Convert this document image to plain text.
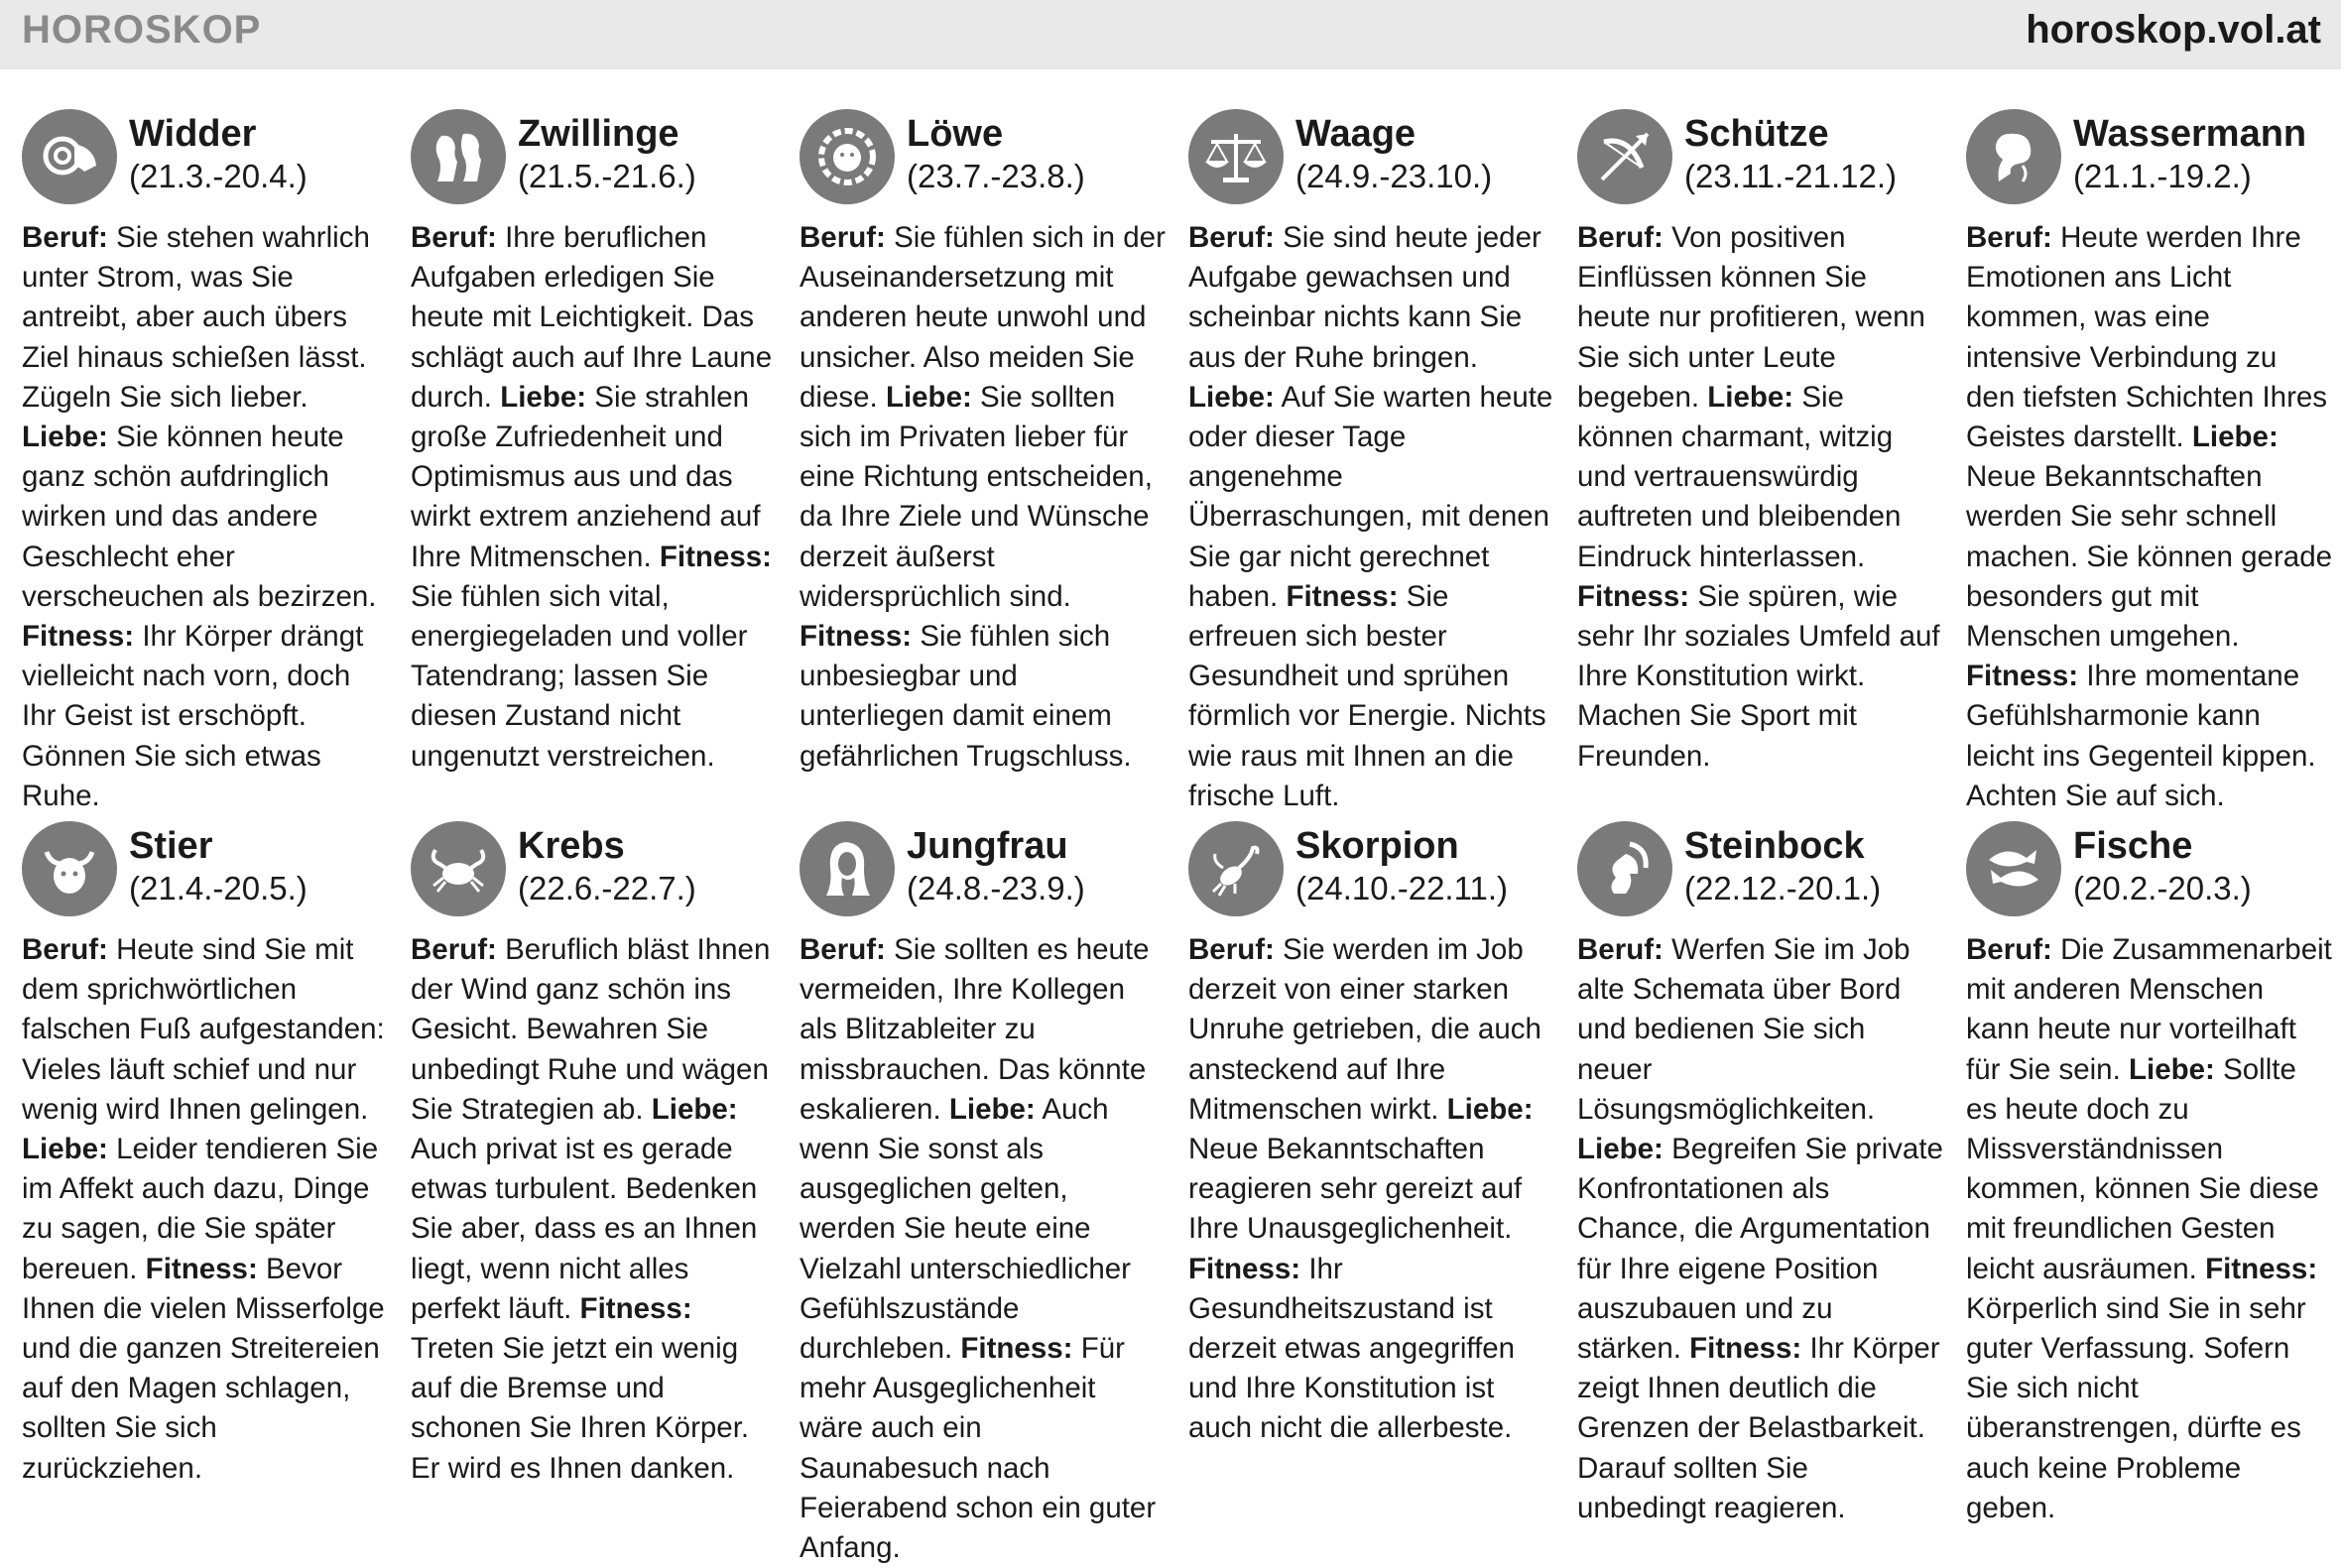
HOROSKOP	horoskop.vol.at
Widder
(21.3.-20.4.)
Beruf: Sie stehen wahrlich unter Strom, was Sie antreibt, aber auch übers Ziel hinaus schießen lässt. Zügeln Sie sich lieber. Liebe: Sie können heute ganz schön aufdringlich wirken und das andere Geschlecht eher verscheuchen als bezirzen. Fitness: Ihr Körper drängt vielleicht nach vorn, doch Ihr Geist ist erschöpft. Gönnen Sie sich etwas Ruhe.
Zwillinge
(21.5.-21.6.)
Beruf: Ihre beruflichen Aufgaben erledigen Sie heute mit Leichtigkeit. Das schlägt auch auf Ihre Laune durch. Liebe: Sie strahlen große Zufriedenheit und Optimismus aus und das wirkt extrem anziehend auf Ihre Mitmenschen. Fitness: Sie fühlen sich vital, energiegeladen und voller Tatendrang; lassen Sie diesen Zustand nicht ungenutzt verstreichen.
Löwe
(23.7.-23.8.)
Beruf: Sie fühlen sich in der Auseinandersetzung mit anderen heute unwohl und unsicher. Also meiden Sie diese. Liebe: Sie sollten sich im Privaten lieber für eine Richtung entscheiden, da Ihre Ziele und Wünsche derzeit äußerst widersprüchlich sind. Fitness: Sie fühlen sich unbesiegbar und unterliegen damit einem gefährlichen Trugschluss.
Waage
(24.9.-23.10.)
Beruf: Sie sind heute jeder Aufgabe gewachsen und scheinbar nichts kann Sie aus der Ruhe bringen. Liebe: Auf Sie warten heute oder dieser Tage angenehme Überraschungen, mit denen Sie gar nicht gerechnet haben. Fitness: Sie erfreuen sich bester Gesundheit und sprühen förmlich vor Energie. Nichts wie raus mit Ihnen an die frische Luft.
Schütze
(23.11.-21.12.)
Beruf: Von positiven Einflüssen können Sie heute nur profitieren, wenn Sie sich unter Leute begeben. Liebe: Sie können charmant, witzig und vertrauenswürdig auftreten und bleibenden Eindruck hinterlassen. Fitness: Sie spüren, wie sehr Ihr soziales Umfeld auf Ihre Konstitution wirkt. Machen Sie Sport mit Freunden.
Wassermann
(21.1.-19.2.)
Beruf: Heute werden Ihre Emotionen ans Licht kommen, was eine intensive Verbindung zu den tiefsten Schichten Ihres Geistes darstellt. Liebe: Neue Bekanntschaften werden Sie sehr schnell machen. Sie können gerade besonders gut mit Menschen umgehen. Fitness: Ihre momentane Gefühlsharmonie kann leicht ins Gegenteil kippen. Achten Sie auf sich.
Stier
(21.4.-20.5.)
Beruf: Heute sind Sie mit dem sprichwörtlichen falschen Fuß aufgestanden: Vieles läuft schief und nur wenig wird Ihnen gelingen. Liebe: Leider tendieren Sie im Affekt auch dazu, Dinge zu sagen, die Sie später bereuen. Fitness: Bevor Ihnen die vielen Misserfolge und die ganzen Streitereien auf den Magen schlagen, sollten Sie sich zurückziehen.
Krebs
(22.6.-22.7.)
Beruf: Beruflich bläst Ihnen der Wind ganz schön ins Gesicht. Bewahren Sie unbedingt Ruhe und wägen Sie Strategien ab. Liebe: Auch privat ist es gerade etwas turbulent. Bedenken Sie aber, dass es an Ihnen liegt, wenn nicht alles perfekt läuft. Fitness: Treten Sie jetzt ein wenig auf die Bremse und schonen Sie Ihren Körper. Er wird es Ihnen danken.
Jungfrau
(24.8.-23.9.)
Beruf: Sie sollten es heute vermeiden, Ihre Kollegen als Blitzableiter zu missbrauchen. Das könnte eskalieren. Liebe: Auch wenn Sie sonst als ausgeglichen gelten, werden Sie heute eine Vielzahl unterschiedlicher Gefühlszustände durchleben. Fitness: Für mehr Ausgeglichenheit wäre auch ein Saunabesuch nach Feierabend schon ein guter Anfang.
Skorpion
(24.10.-22.11.)
Beruf: Sie werden im Job derzeit von einer starken Unruhe getrieben, die auch ansteckend auf Ihre Mitmenschen wirkt. Liebe: Neue Bekanntschaften reagieren sehr gereizt auf Ihre Unausgeglichenheit. Fitness: Ihr Gesundheitszustand ist derzeit etwas angegriffen und Ihre Konstitution ist auch nicht die allerbeste.
Steinbock
(22.12.-20.1.)
Beruf: Werfen Sie im Job alte Schemata über Bord und bedienen Sie sich neuer Lösungsmöglichkeiten. Liebe: Begreifen Sie private Konfrontationen als Chance, die Argumentation für Ihre eigene Position auszubauen und zu stärken. Fitness: Ihr Körper zeigt Ihnen deutlich die Grenzen der Belastbarkeit. Darauf sollten Sie unbedingt reagieren.
Fische
(20.2.-20.3.)
Beruf: Die Zusammenarbeit mit anderen Menschen kann heute nur vorteilhaft für Sie sein. Liebe: Sollte es heute doch zu Missverständnissen kommen, können Sie diese mit freundlichen Gesten leicht ausräumen. Fitness: Körperlich sind Sie in sehr guter Verfassung. Sofern Sie sich nicht überanstrengen, dürfte es auch keine Probleme geben.
